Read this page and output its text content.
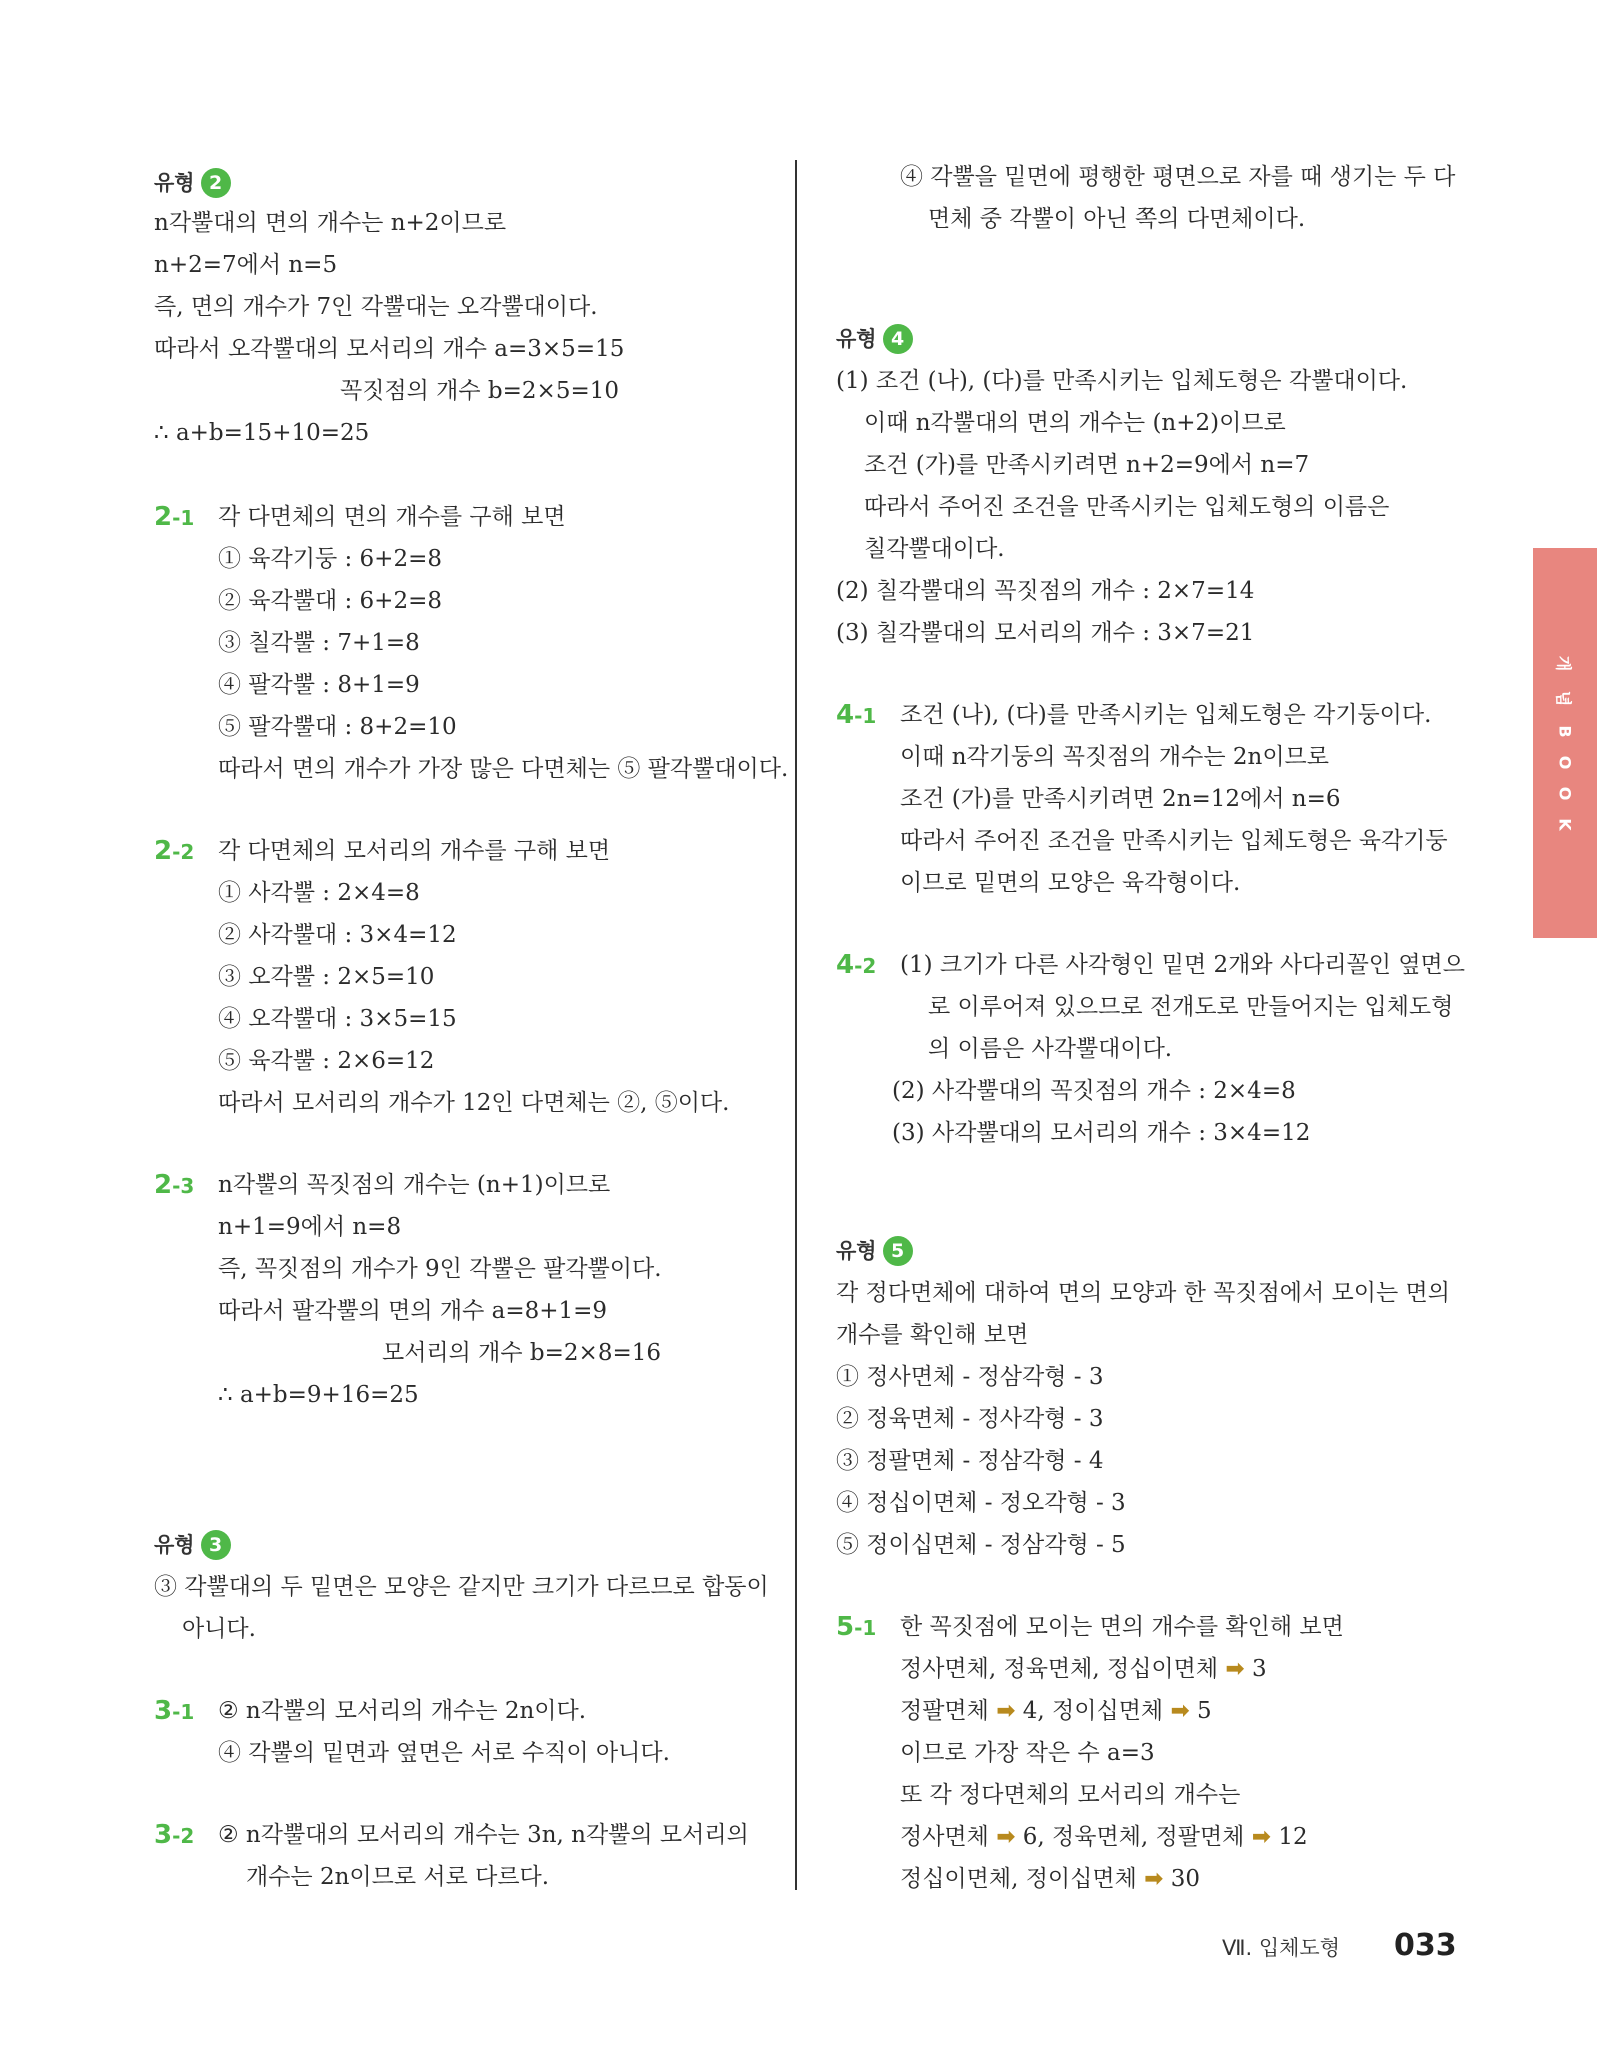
유형 2
n각뿔대의 면의 개수는 n+2이므로
n+2=7에서 n=5
즉, 면의 개수가 7인 각뿔대는 오각뿔대이다.
따라서 오각뿔대의 모서리의 개수 a=3×5=15
꼭짓점의 개수 b=2×5=10
∴ a+b=15+10=25
2-1 각 다면체의 면의 개수를 구해 보면
① 육각기둥 : 6+2=8
② 육각뿔대 : 6+2=8
③ 칠각뿔 : 7+1=8
④ 팔각뿔 : 8+1=9
⑤ 팔각뿔대 : 8+2=10
따라서 면의 개수가 가장 많은 다면체는 ⑤ 팔각뿔대이다.
2-2 각 다면체의 모서리의 개수를 구해 보면
① 사각뿔 : 2×4=8
② 사각뿔대 : 3×4=12
③ 오각뿔 : 2×5=10
④ 오각뿔대 : 3×5=15
⑤ 육각뿔 : 2×6=12
따라서 모서리의 개수가 12인 다면체는 ②, ⑤이다.
2-3 n각뿔의 꼭짓점의 개수는 (n+1)이므로
n+1=9에서 n=8
즉, 꼭짓점의 개수가 9인 각뿔은 팔각뿔이다.
따라서 팔각뿔의 면의 개수 a=8+1=9
모서리의 개수 b=2×8=16
∴ a+b=9+16=25
유형 3
③ 각뿔대의 두 밑면은 모양은 같지만 크기가 다르므로 합동이
아니다.
3-1 ② n각뿔의 모서리의 개수는 2n이다.
④ 각뿔의 밑면과 옆면은 서로 수직이 아니다.
3-2 ② n각뿔대의 모서리의 개수는 3n, n각뿔의 모서리의
개수는 2n이므로 서로 다르다.
④ 각뿔을 밑면에 평행한 평면으로 자를 때 생기는 두 다
면체 중 각뿔이 아닌 쪽의 다면체이다.
유형 4
(1) 조건 (나), (다)를 만족시키는 입체도형은 각뿔대이다.
이때 n각뿔대의 면의 개수는 (n+2)이므로
조건 (가)를 만족시키려면 n+2=9에서 n=7
따라서 주어진 조건을 만족시키는 입체도형의 이름은
칠각뿔대이다.
(2) 칠각뿔대의 꼭짓점의 개수 : 2×7=14
(3) 칠각뿔대의 모서리의 개수 : 3×7=21
4-1 조건 (나), (다)를 만족시키는 입체도형은 각기둥이다.
이때 n각기둥의 꼭짓점의 개수는 2n이므로
조건 (가)를 만족시키려면 2n=12에서 n=6
따라서 주어진 조건을 만족시키는 입체도형은 육각기둥
이므로 밑면의 모양은 육각형이다.
4-2 (1) 크기가 다른 사각형인 밑면 2개와 사다리꼴인 옆면으
로 이루어져 있으므로 전개도로 만들어지는 입체도형
의 이름은 사각뿔대이다.
(2) 사각뿔대의 꼭짓점의 개수 : 2×4=8
(3) 사각뿔대의 모서리의 개수 : 3×4=12
유형 5
각 정다면체에 대하여 면의 모양과 한 꼭짓점에서 모이는 면의
개수를 확인해 보면
① 정사면체 - 정삼각형 - 3
② 정육면체 - 정사각형 - 3
③ 정팔면체 - 정삼각형 - 4
④ 정십이면체 - 정오각형 - 3
⑤ 정이십면체 - 정삼각형 - 5
5-1 한 꼭짓점에 모이는 면의 개수를 확인해 보면
정사면체, 정육면체, 정십이면체 ➡ 3
정팔면체 ➡ 4, 정이십면체 ➡ 5
이므로 가장 작은 수 a=3
또 각 정다면체의 모서리의 개수는
정사면체 ➡ 6, 정육면체, 정팔면체 ➡ 12
정십이면체, 정이십면체 ➡ 30
개
념
B
O
O
K
Ⅶ. 입체도형 033
